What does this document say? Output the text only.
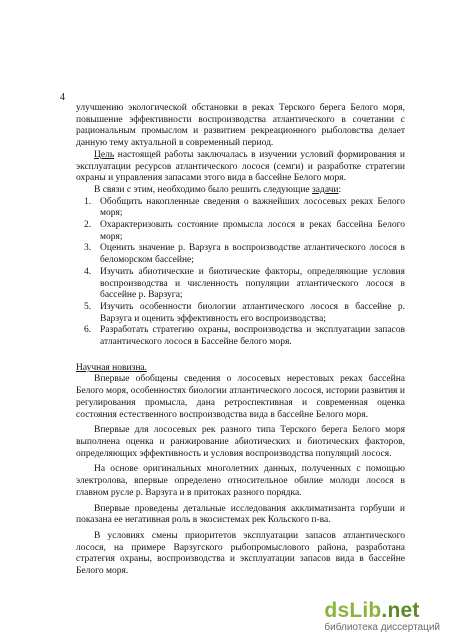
4

улучшению экологической обстановки в реках Терского берега Белого моря, повышение эффективности воспроизводства атлантического в сочетании с рациональным промыслом и развитием рекреационного рыболовства делает данную тему актуальной в современный период.

Цель настоящей работы заключалась в изучении условий формирования и эксплуатации ресурсов атлантического лосося (семги) и разработке стратегии охраны и управления запасами этого вида в бассейне Белого моря.

В связи с этим, необходимо было решить следующие задачи:

1. Обобщить накопленные сведения о важнейших лососевых реках Белого моря;
2. Охарактеризовать состояние промысла лосося в реках бассейна Белого моря;
3. Оценить значение р. Варзуга в воспроизводстве атлантического лосося в беломорском бассейне;
4. Изучить абиотические и биотические факторы, определяющие условия воспроизводства и численность популяции атлантического лосося в бассейне р. Варзуга;
5. Изучить особенности биологии атлантического лосося в бассейне р. Варзуга и оценить эффективность его воспроизводства;
6. Разработать стратегию охраны, воспроизводства и эксплуатации запасов атлантического лосося в Бассейне белого моря.

Научная новизна.

Впервые обобщены сведения о лососевых нерестовых реках бассейна Белого моря, особенностях биологии атлантического лосося, истории развития и регулирования промысла, дана ретроспективная и современная оценка состояния естественного воспроизводства вида в бассейне Белого моря.

Впервые для лососевых рек разного типа Терского берега Белого моря выполнена оценка и ранжирование абиотических и биотических факторов, определяющих эффективность и условия воспроизводства популяций лосося.

На основе оригинальных многолетних данных, полученных с помощью электролова, впервые определено относительное обилие молоди лосося в главном русле р. Варзуга и в притоках разного порядка.

Впервые проведены детальные исследования акклиматизанта горбуши и показана ее негативная роль в экосистемах рек Кольского п-ва.

В условиях смены приоритетов эксплуатации запасов атлантического лосося, на примере Варзугского рыбопромыслового района, разработана стратегия охраны, воспроизводства и эксплуатации запасов вида в бассейне Белого моря.

dsLib.net
библиотека диссертаций
